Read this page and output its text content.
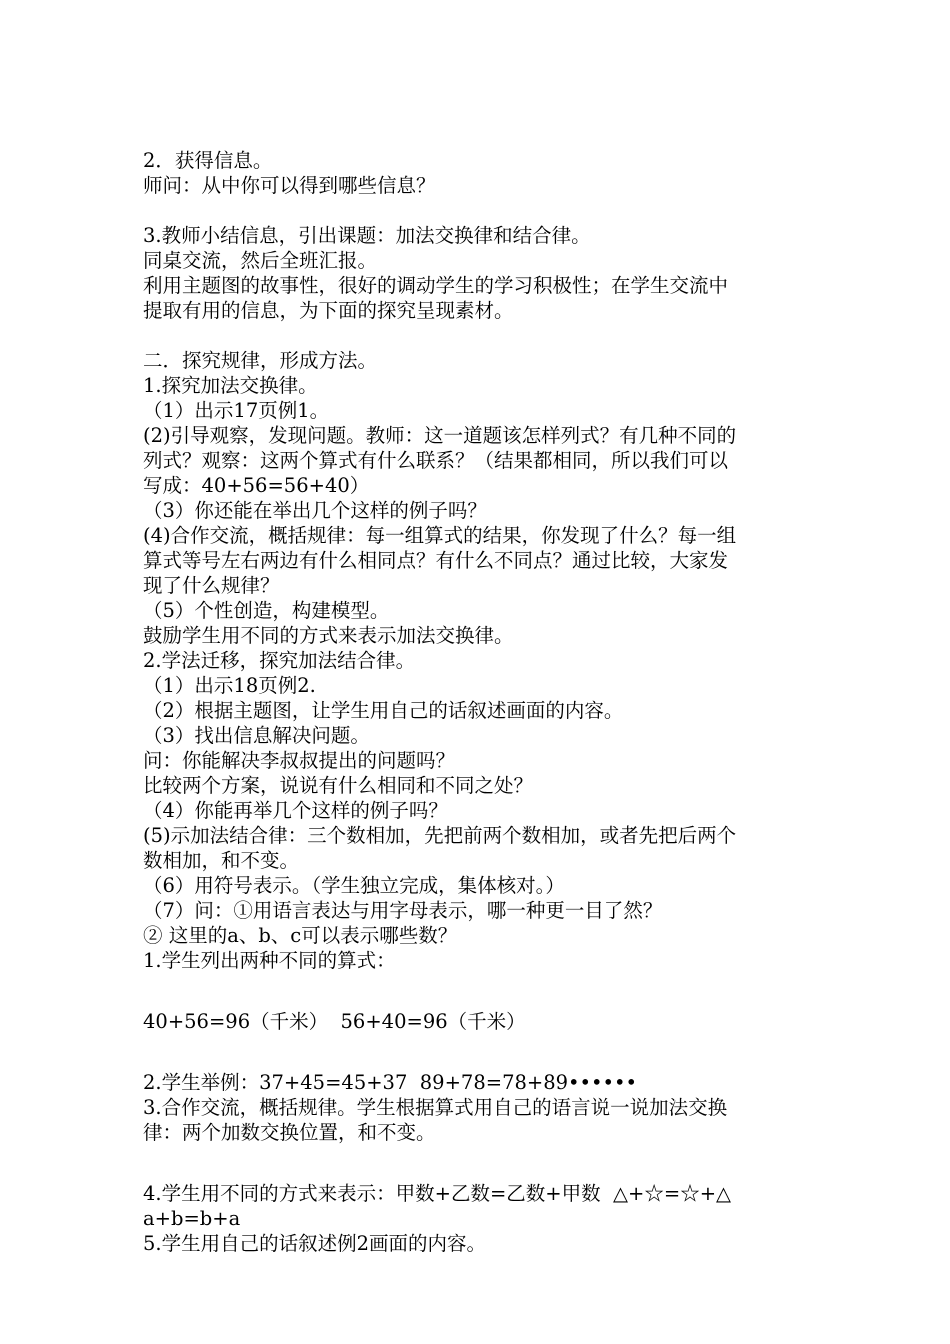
2．获得信息。
师问：从中你可以得到哪些信息？
3.教师小结信息，引出课题：加法交换律和结合律。
同桌交流，然后全班汇报。
利用主题图的故事性，很好的调动学生的学习积极性；在学生交流中
提取有用的信息，为下面的探究呈现素材。
二．探究规律，形成方法。
1.探究加法交换律。
（1）出示17页例1。
(2)引导观察，发现问题。教师：这一道题该怎样列式？有几种不同的
列式？观察：这两个算式有什么联系？（结果都相同，所以我们可以
写成：40+56=56+40）
（3）你还能在举出几个这样的例子吗？
(4)合作交流，概括规律：每一组算式的结果，你发现了什么？每一组
算式等号左右两边有什么相同点？有什么不同点？通过比较，大家发
现了什么规律？
（5）个性创造，构建模型。
鼓励学生用不同的方式来表示加法交换律。
2.学法迁移，探究加法结合律。
（1）出示18页例2.
（2）根据主题图，让学生用自己的话叙述画面的内容。
（3）找出信息解决问题。
问：你能解决李叔叔提出的问题吗？
比较两个方案，说说有什么相同和不同之处？
（4）你能再举几个这样的例子吗？
(5)示加法结合律：三个数相加，先把前两个数相加，或者先把后两个
数相加，和不变。
（6）用符号表示。（学生独立完成，集体核对。）
（7）问：①用语言表达与用字母表示，哪一种更一目了然？
② 这里的a、b、c可以表示哪些数？
1.学生列出两种不同的算式：
40+56=96（千米）  56+40=96（千米）
2.学生举例：37+45=45+37  89+78=78+89••••••
3.合作交流，概括规律。学生根据算式用自己的语言说一说加法交换
律：两个加数交换位置，和不变。
4.学生用不同的方式来表示：甲数+乙数=乙数+甲数  △+☆=☆+△
a+b=b+a
5.学生用自己的话叙述例2画面的内容。
